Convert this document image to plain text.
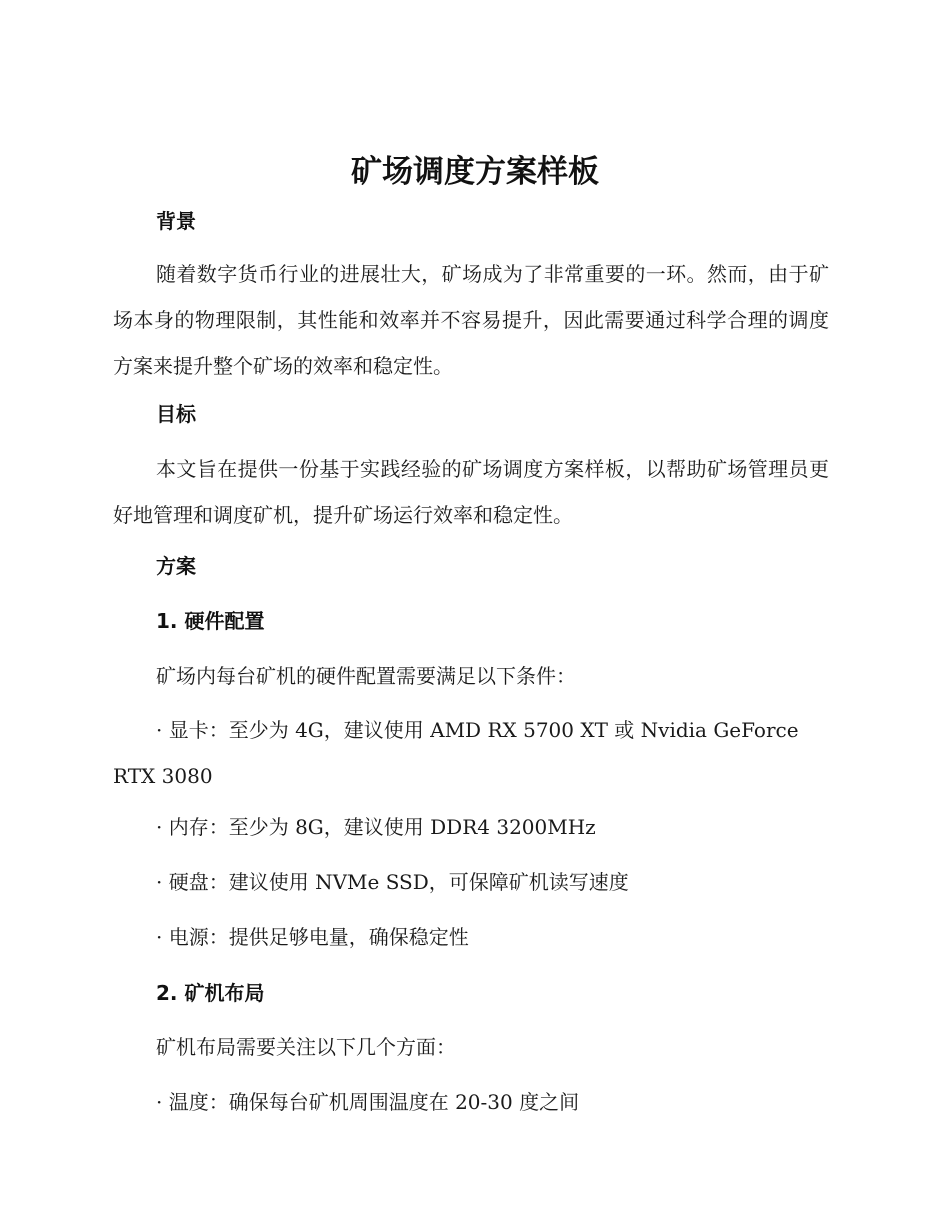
矿场调度方案样板
背景

随着数字货币行业的进展壮大，矿场成为了非常重要的一环。然而，由于矿场本身的物理限制，其性能和效率并不容易提升，因此需要通过科学合理的调度方案来提升整个矿场的效率和稳定性。

目标

本文旨在提供一份基于实践经验的矿场调度方案样板，以帮助矿场管理员更好地管理和调度矿机，提升矿场运行效率和稳定性。

方案
1. 硬件配置
矿场内每台矿机的硬件配置需要满足以下条件：

· 显卡：至少为 4G，建议使用 AMD RX 5700 XT 或 Nvidia GeForce RTX 3080

· 内存：至少为 8G，建议使用 DDR4 3200MHz
· 硬盘：建议使用 NVMe SSD，可保障矿机读写速度
· 电源：提供足够电量，确保稳定性
2. 矿机布局
矿机布局需要关注以下几个方面：
· 温度：确保每台矿机周围温度在 20-30 度之间
